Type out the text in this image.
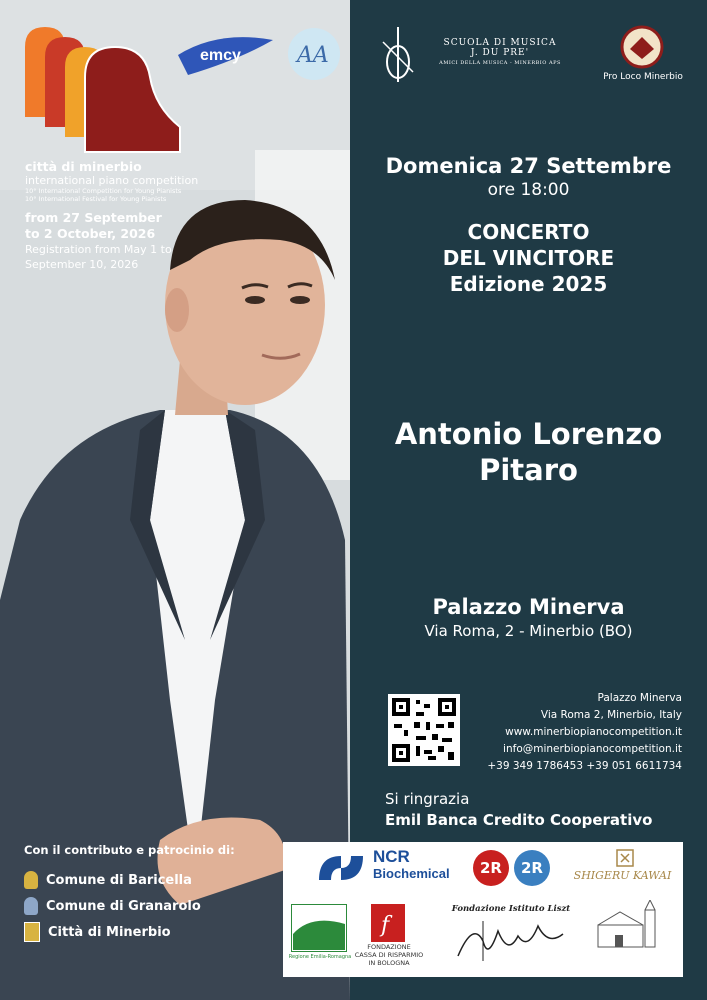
città di minerbio
international piano competition
10° International Competition for Young Pianists
10° International Festival for Young Pianists
from 27 September
to 2 October, 2026
Registration from May 1 to
September 10, 2026
emcy	AA	SCUOLA DI MUSICA
J. DU PRE'
AMICI DELLA MUSICA - MINERBIO APS
Pro Loco Minerbio
Domenica 27 Settembre
ore 18:00
CONCERTO
DEL VINCITORE
Edizione 2025
Antonio Lorenzo
Pitaro
Palazzo Minerva
Via Roma, 2 - Minerbio (BO)
Palazzo Minerva
Via Roma 2, Minerbio, Italy
www.minerbiopianocompetition.it
info@minerbiopianocompetition.it
+39 349 1786453 +39 051 6611734
Si ringrazia
Emil Banca Credito Cooperativo
Con il contributo e patrocinio di:
Comune di Baricella
Comune di Granarolo
Città di Minerbio
NCR
Biochemical	2R	2R	SHIGERU KAWAI
Regione Emilia-Romagna
f
FONDAZIONE
CASSA DI RISPARMIO
IN BOLOGNA
Fondazione Istituto Liszt
